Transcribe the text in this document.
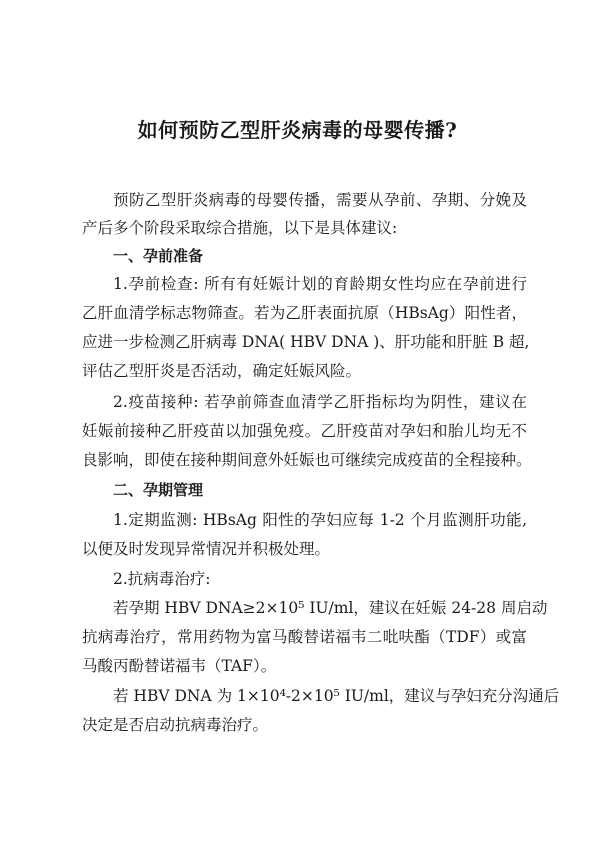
如何预防乙型肝炎病毒的母婴传播?
预防乙型肝炎病毒的母婴传播，需要从孕前、孕期、分娩及
产后多个阶段采取综合措施，以下是具体建议:
一、孕前准备
1.孕前检查: 所有有妊娠计划的育龄期女性均应在孕前进行
乙肝血清学标志物筛查。若为乙肝表面抗原（HBsAg）阳性者，
应进一步检测乙肝病毒 DNA( HBV DNA )、肝功能和肝脏 B 超,
评估乙型肝炎是否活动，确定妊娠风险。
2.疫苗接种: 若孕前筛查血清学乙肝指标均为阴性，建议在
妊娠前接种乙肝疫苗以加强免疫。乙肝疫苗对孕妇和胎儿均无不
良影响，即使在接种期间意外妊娠也可继续完成疫苗的全程接种。
二、孕期管理
1.定期监测: HBsAg 阳性的孕妇应每 1-2 个月监测肝功能,
以便及时发现异常情况并积极处理。
2.抗病毒治疗:
若孕期 HBV DNA≥2×10⁵ IU/ml，建议在妊娠 24-28 周启动
抗病毒治疗，常用药物为富马酸替诺福韦二吡呋酯（TDF）或富
马酸丙酚替诺福韦（TAF）。
若 HBV DNA 为 1×10⁴-2×10⁵ IU/ml，建议与孕妇充分沟通后
决定是否启动抗病毒治疗。
